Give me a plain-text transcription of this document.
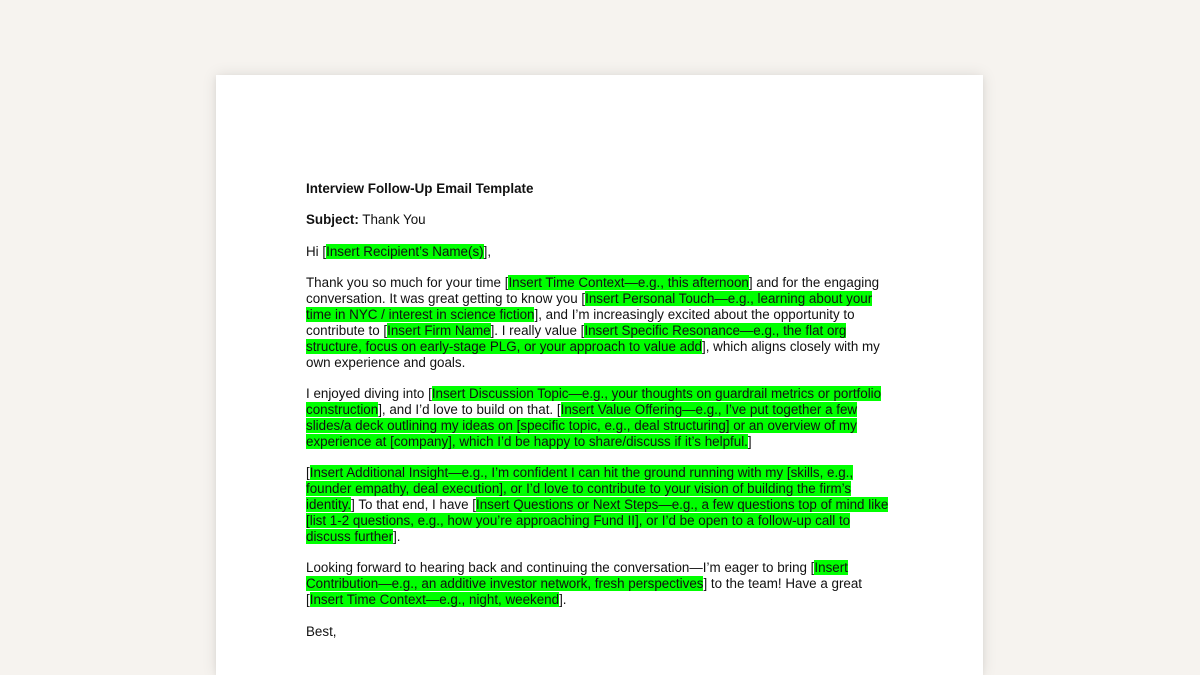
Interview Follow-Up Email Template

Subject: Thank You

Hi [Insert Recipient’s Name(s)],

Thank you so much for your time [Insert Time Context—e.g., this afternoon] and for the engaging conversation. It was great getting to know you [Insert Personal Touch—e.g., learning about your time in NYC / interest in science fiction], and I’m increasingly excited about the opportunity to contribute to [Insert Firm Name]. I really value [Insert Specific Resonance—e.g., the flat org structure, focus on early-stage PLG, or your approach to value add], which aligns closely with my own experience and goals.

I enjoyed diving into [Insert Discussion Topic—e.g., your thoughts on guardrail metrics or portfolio construction], and I’d love to build on that. [Insert Value Offering—e.g., I’ve put together a few slides/a deck outlining my ideas on [specific topic, e.g., deal structuring] or an overview of my experience at [company], which I’d be happy to share/discuss if it’s helpful.]

[Insert Additional Insight—e.g., I’m confident I can hit the ground running with my [skills, e.g., founder empathy, deal execution], or I’d love to contribute to your vision of building the firm’s identity.] To that end, I have [Insert Questions or Next Steps—e.g., a few questions top of mind like [list 1-2 questions, e.g., how you’re approaching Fund II], or I’d be open to a follow-up call to discuss further].

Looking forward to hearing back and continuing the conversation—I’m eager to bring [Insert Contribution—e.g., an additive investor network, fresh perspectives] to the team! Have a great [Insert Time Context—e.g., night, weekend].

Best,
